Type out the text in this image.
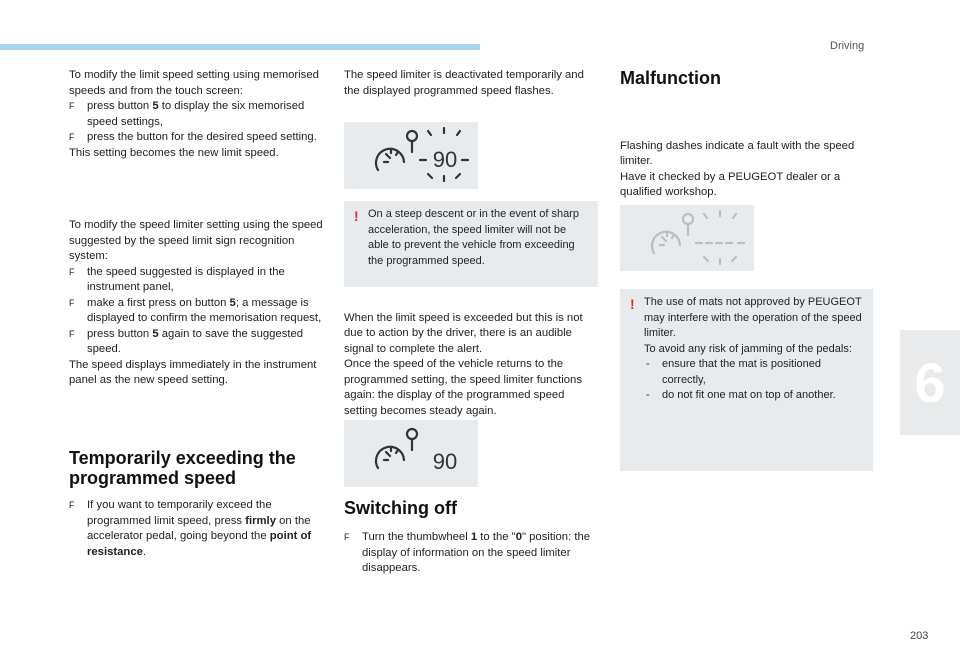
Driving
6
203

To modify the limit speed setting using memorised speeds and from the touch screen:

F press button 5 to display the six memorised speed settings,

F press the button for the desired speed setting.

This setting becomes the new limit speed.

To modify the speed limiter setting using the speed suggested by the speed limit sign recognition system:

F the speed suggested is displayed in the instrument panel,

F make a first press on button 5; a message is displayed to confirm the memorisation request,

F press button 5 again to save the suggested speed.

The speed displays immediately in the instrument panel as the new speed setting.

Temporarily exceeding the programmed speed

F If you want to temporarily exceed the programmed limit speed, press firmly on the accelerator pedal, going beyond the point of resistance.

The speed limiter is deactivated temporarily and the displayed programmed speed flashes.

90
! On a steep descent or in the event of sharp acceleration, the speed limiter will not be able to prevent the vehicle from exceeding the programmed speed.

When the limit speed is exceeded but this is not due to action by the driver, there is an audible signal to complete the alert.
Once the speed of the vehicle returns to the programmed setting, the speed limiter functions again: the display of the programmed speed setting becomes steady again.

90
Switching off

F Turn the thumbwheel 1 to the "0" position: the display of information on the speed limiter disappears.

Malfunction

Flashing dashes indicate a fault with the speed limiter.
Have it checked by a PEUGEOT dealer or a qualified workshop.

! The use of mats not approved by PEUGEOT may interfere with the operation of the speed limiter.
To avoid any risk of jamming of the pedals:

- ensure that the mat is positioned correctly,

- do not fit one mat on top of another.
